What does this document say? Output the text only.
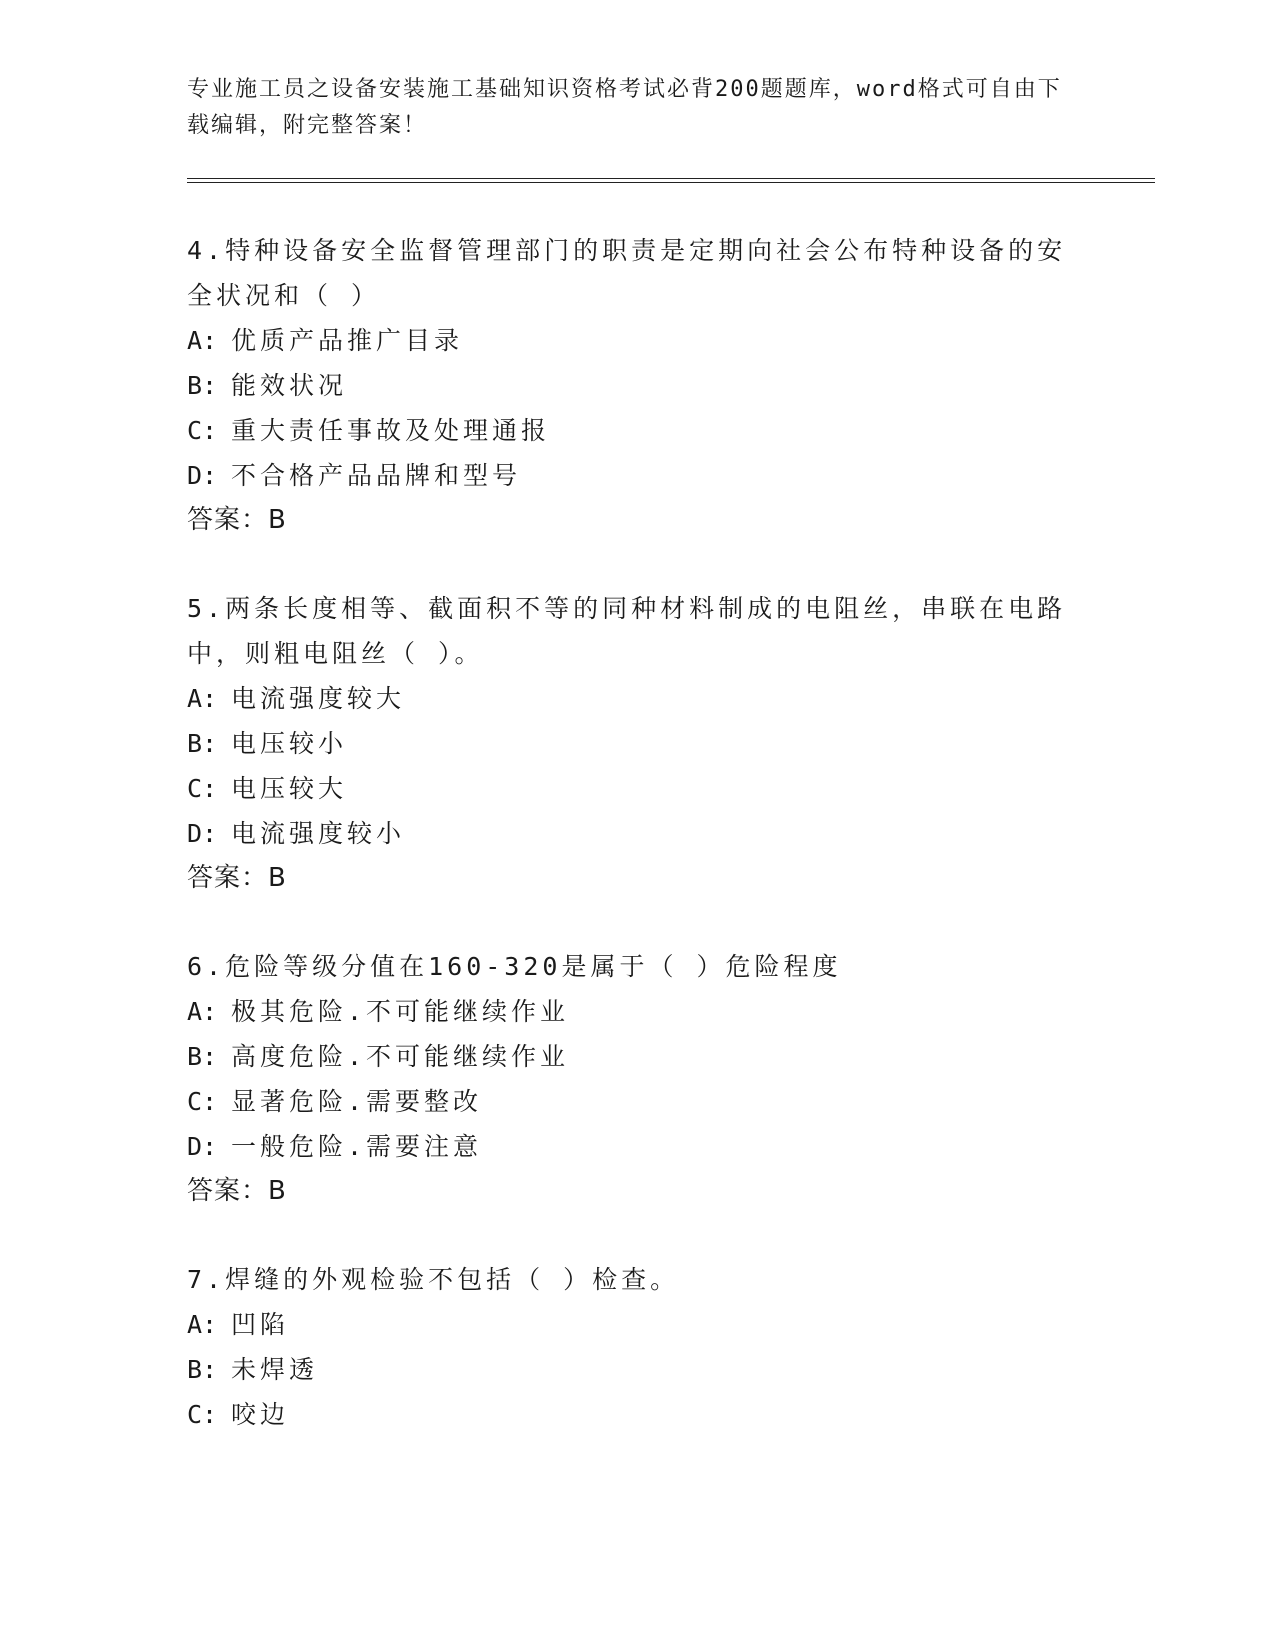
专业施工员之设备安装施工基础知识资格考试必背200题题库，word格式可自由下载编辑，附完整答案！
4.特种设备安全监督管理部门的职责是定期向社会公布特种设备的安全状况和（ ）
A: 优质产品推广目录
B: 能效状况
C: 重大责任事故及处理通报
D: 不合格产品品牌和型号
答案：B
5.两条长度相等、截面积不等的同种材料制成的电阻丝，串联在电路中，则粗电阻丝（ ）。
A: 电流强度较大
B: 电压较小
C: 电压较大
D: 电流强度较小
答案：B
6.危险等级分值在160-320是属于（ ）危险程度
A: 极其危险.不可能继续作业
B: 高度危险.不可能继续作业
C: 显著危险.需要整改
D: 一般危险.需要注意
答案：B
7.焊缝的外观检验不包括（ ）检查。
A: 凹陷
B: 未焊透
C: 咬边
